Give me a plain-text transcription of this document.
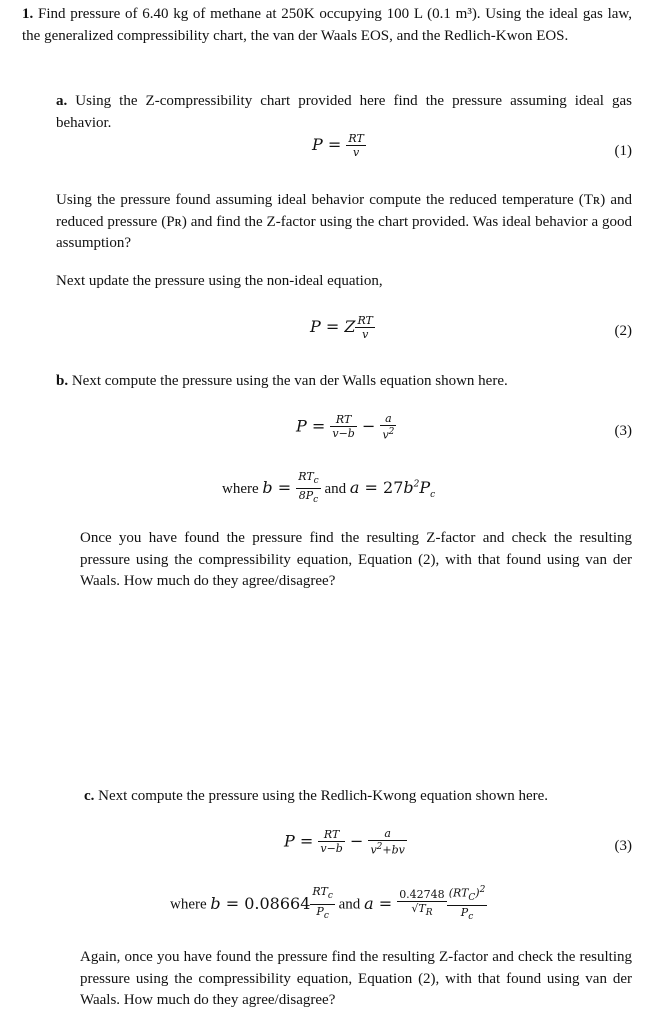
1. Find pressure of 6.40 kg of methane at 250K occupying 100 L (0.1 m³). Using the ideal gas law, the generalized compressibility chart, the van der Waals EOS, and the Redlich-Kwon EOS.
a. Using the Z-compressibility chart provided here find the pressure assuming ideal gas behavior.
$P = \frac{RT}{v}$	(1)
Using the pressure found assuming ideal behavior compute the reduced temperature (Tʀ) and reduced pressure (Pʀ) and find the Z-factor using the chart provided. Was ideal behavior a good assumption?
Next update the pressure using the non-ideal equation,
P = Z $\frac{RT}{v}$	(2)
b. Next compute the pressure using the van der Walls equation shown here.
$P = \frac{RT}{v-b} - \frac{a}{v^2}$	(3)
where $b = \frac{RT_c}{8P_c}$ and $a = 27b^2P_c$
Once you have found the pressure find the resulting Z-factor and check the resulting pressure using the compressibility equation, Equation (2), with that found using van der Waals. How much do they agree/disagree?
c. Next compute the pressure using the Redlich-Kwong equation shown here.
$P = \frac{RT}{v-b} - \frac{a}{v^2+bv}$	(3)
where $b = 0.08664 \frac{RT_c}{P_c}$ and $a = \frac{0.42748}{√T_R} \frac{(RT_C)^2}{P_c}$
Again, once you have found the pressure find the resulting Z-factor and check the resulting pressure using the compressibility equation, Equation (2), with that found using van der Waals. How much do they agree/disagree?
